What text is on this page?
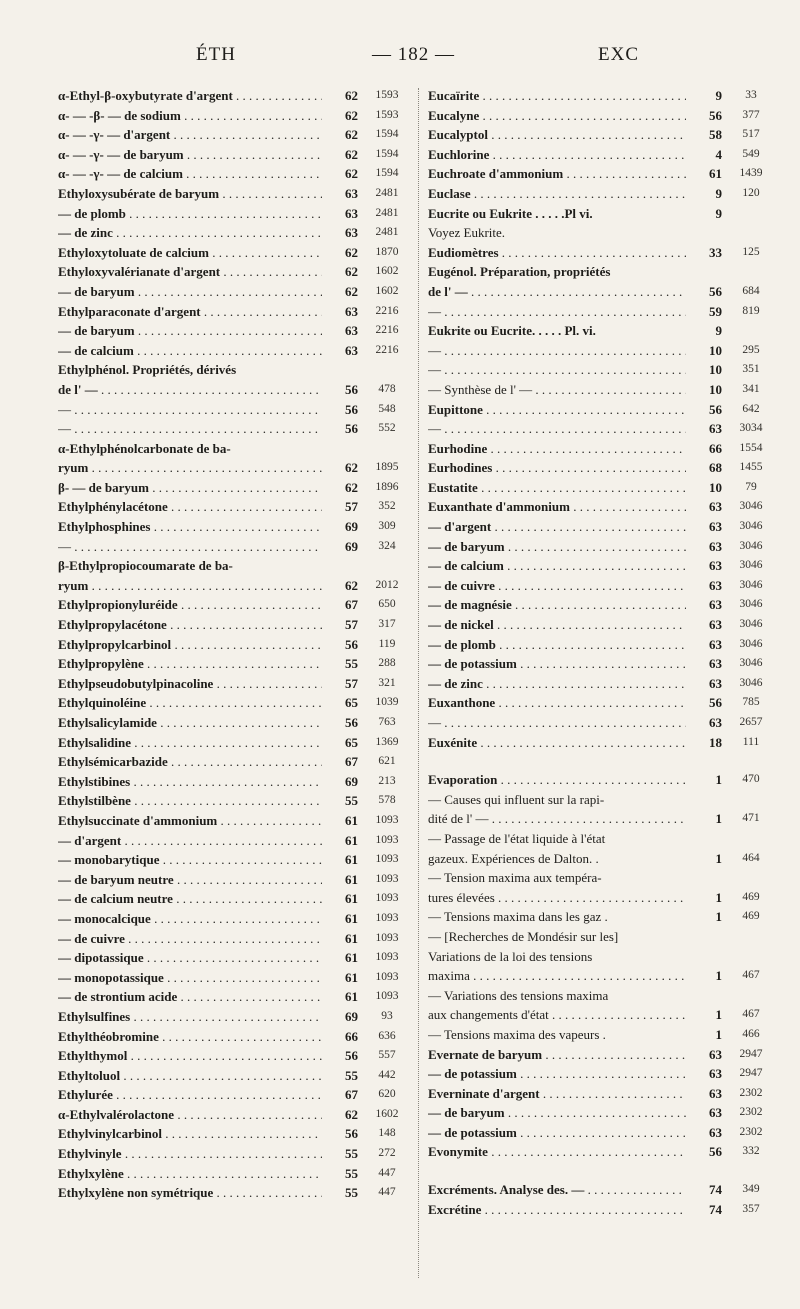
ÉTH	— 182 —	EXC
α-Ethyl-β-oxybutyrate d'argent . . .	62	1593
α- — -β- — de sodium . . .	62	1593
α- — -γ- — d'argent . . .	62	1594
α- — -γ- — de baryum . . .	62	1594
α- — -γ- — de calcium . . .	62	1594
Ethyloxysubérate de baryum . . .	63	2481
— de plomb . . .	63	2481
— de zinc . . .	63	2481
Ethyloxytoluate de calcium . . .	62	1870
Ethyloxyvalérianate d'argent . . .	62	1602
— de baryum . . .	62	1602
Ethylparaconate d'argent . . .	63	2216
— de baryum . . .	63	2216
— de calcium . . .	63	2216
Ethylphénol. Propriétés, dérivés
de l' — . . .	56	478
— . . .	56	548
— . . .	56	552
α-Ethylphénolcarbonate de ba-
ryum . . .	62	1895
β- — de baryum . . .	62	1896
Ethylphénylacétone . . .	57	352
Ethylphosphines . . .	69	309
— . . .	69	324
β-Ethylpropiocoumarate de ba-
ryum . . .	62	2012
Ethylpropionyluréide . . .	67	650
Ethylpropylacétone . . .	57	317
Ethylpropylcarbinol . . .	56	119
Ethylpropylène . . .	55	288
Ethylpseudobutylpinacoline . . .	57	321
Ethylquinoléine . . .	65	1039
Ethylsalicylamide . . .	56	763
Ethylsalidine . . .	65	1369
Ethylsémicarbazide . . .	67	621
Ethylstibines . . .	69	213
Ethylstilbène . . .	55	578
Ethylsuccinate d'ammonium . . .	61	1093
— d'argent . . .	61	1093
— monobarytique . . .	61	1093
— de baryum neutre . . .	61	1093
— de calcium neutre . . .	61	1093
— monocalcique . . .	61	1093
— de cuivre . . .	61	1093
— dipotassique . . .	61	1093
— monopotassique . . .	61	1093
— de strontium acide . . .	61	1093
Ethylsulfines . . .	69	93
Ethylthéobromine . . .	66	636
Ethylthymol . . .	56	557
Ethyltoluol . . .	55	442
Ethylurée . . .	67	620
α-Ethylvalérolactone . . .	62	1602
Ethylvinylcarbinol . . .	56	148
Ethylvinyle . . .	55	272
Ethylxylène . . .	55	447
Ethylxylène non symétrique . . .	55	447
Eucaïrite . . .	9	33
Eucalyne . . .	56	377
Eucalyptol . . .	58	517
Euchlorine . . .	4	549
Euchroate d'ammonium . . .	61	1439
Euclase . . .	9	120
Eucrite ou Eukrite . . . . .Pl vi.	9
Voyez Eukrite.
Eudiomètres . . .	33	125
Eugénol. Préparation, propriétés
de l' — . . .	56	684
— . . .	59	819
Eukrite ou Eucrite. . . . . Pl. vi.	9
— . . .	10	295
— . . .	10	351
— Synthèse de l' — . . .	10	341
Eupittone . . .	56	642
— . . .	63	3034
Eurhodine . . .	66	1554
Eurhodines . . .	68	1455
Eustatite . . .	10	79
Euxanthate d'ammonium . . .	63	3046
— d'argent . . .	63	3046
— de baryum . . .	63	3046
— de calcium . . .	63	3046
— de cuivre . . .	63	3046
— de magnésie . . .	63	3046
— de nickel . . .	63	3046
— de plomb . . .	63	3046
— de potassium . . .	63	3046
— de zinc . . .	63	3046
Euxanthone . . .	56	785
— . . .	63	2657
Euxénite . . .	18	111
Evaporation . . .	1	470
— Causes qui influent sur la rapi-
dité de l' — . . .	1	471
— Passage de l'état liquide à l'état
gazeux. Expériences de Dalton. .	1	464
— Tension maxima aux tempéra-
tures élevées . . .	1	469
— Tensions maxima dans les gaz .	1	469
— [Recherches de Mondésir sur les]
Variations de la loi des tensions
maxima . . .	1	467
— Variations des tensions maxima
aux changements d'état . . .	1	467
— Tensions maxima des vapeurs .	1	466
Evernate de baryum . . .	63	2947
— de potassium . . .	63	2947
Everninate d'argent . . .	63	2302
— de baryum . . .	63	2302
— de potassium . . .	63	2302
Evonymite . . .	56	332
Excréments. Analyse des. — . . .	74	349
Excrétine . . .	74	357
